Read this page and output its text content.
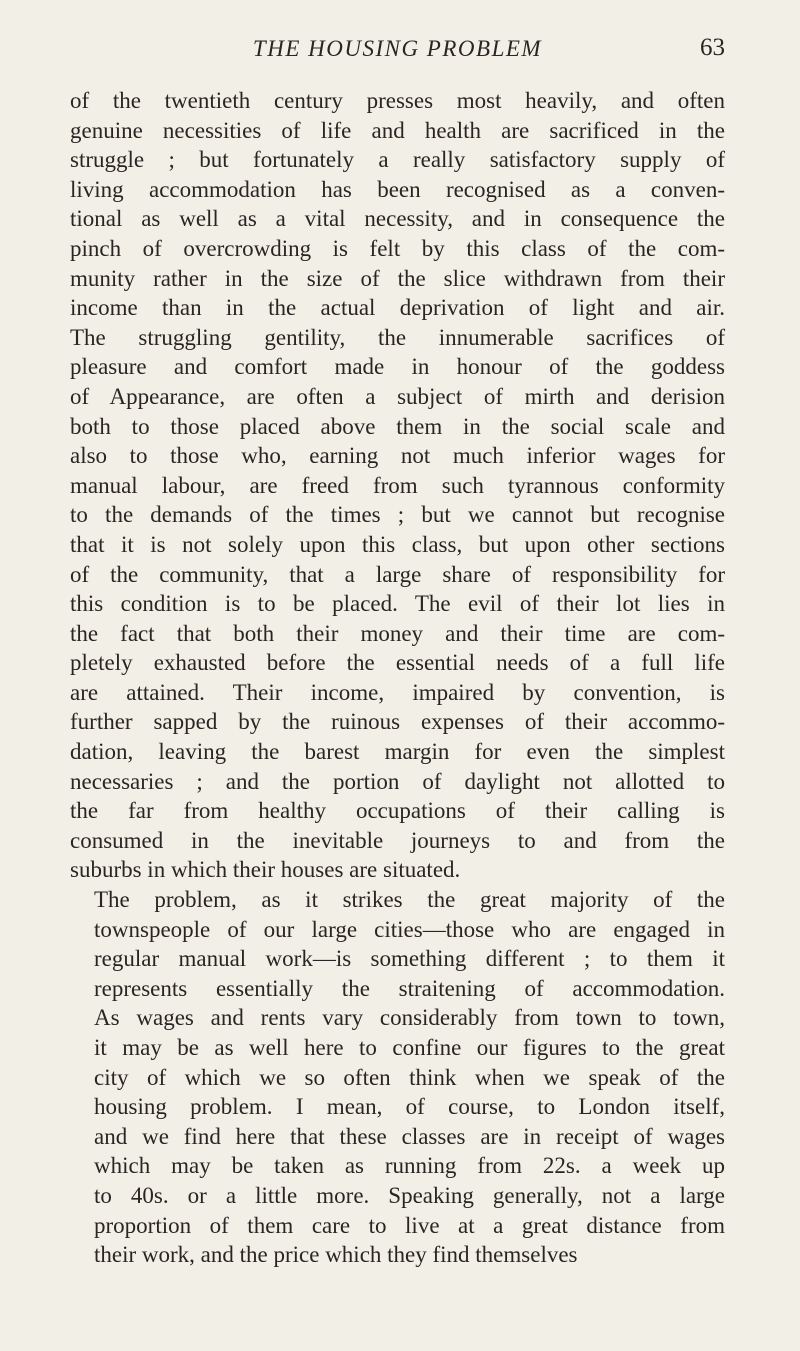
THE HOUSING PROBLEM	63
of the twentieth century presses most heavily, and often
genuine necessities of life and health are sacrificed in the
struggle ; but fortunately a really satisfactory supply of
living accommodation has been recognised as a conven-
tional as well as a vital necessity, and in consequence the
pinch of overcrowding is felt by this class of the com-
munity rather in the size of the slice withdrawn from their
income than in the actual deprivation of light and air.
The struggling gentility, the innumerable sacrifices of
pleasure and comfort made in honour of the goddess
of Appearance, are often a subject of mirth and derision
both to those placed above them in the social scale and
also to those who, earning not much inferior wages for
manual labour, are freed from such tyrannous conformity
to the demands of the times ; but we cannot but recognise
that it is not solely upon this class, but upon other sections
of the community, that a large share of responsibility for
this condition is to be placed. The evil of their lot lies in
the fact that both their money and their time are com-
pletely exhausted before the essential needs of a full life
are attained. Their income, impaired by convention, is
further sapped by the ruinous expenses of their accommo-
dation, leaving the barest margin for even the simplest
necessaries ; and the portion of daylight not allotted to
the far from healthy occupations of their calling is
consumed in the inevitable journeys to and from the
suburbs in which their houses are situated.
The problem, as it strikes the great majority of the
townspeople of our large cities—those who are engaged in
regular manual work—is something different ; to them it
represents essentially the straitening of accommodation.
As wages and rents vary considerably from town to town,
it may be as well here to confine our figures to the great
city of which we so often think when we speak of the
housing problem. I mean, of course, to London itself,
and we find here that these classes are in receipt of wages
which may be taken as running from 22s. a week up
to 40s. or a little more. Speaking generally, not a large
proportion of them care to live at a great distance from
their work, and the price which they find themselves
